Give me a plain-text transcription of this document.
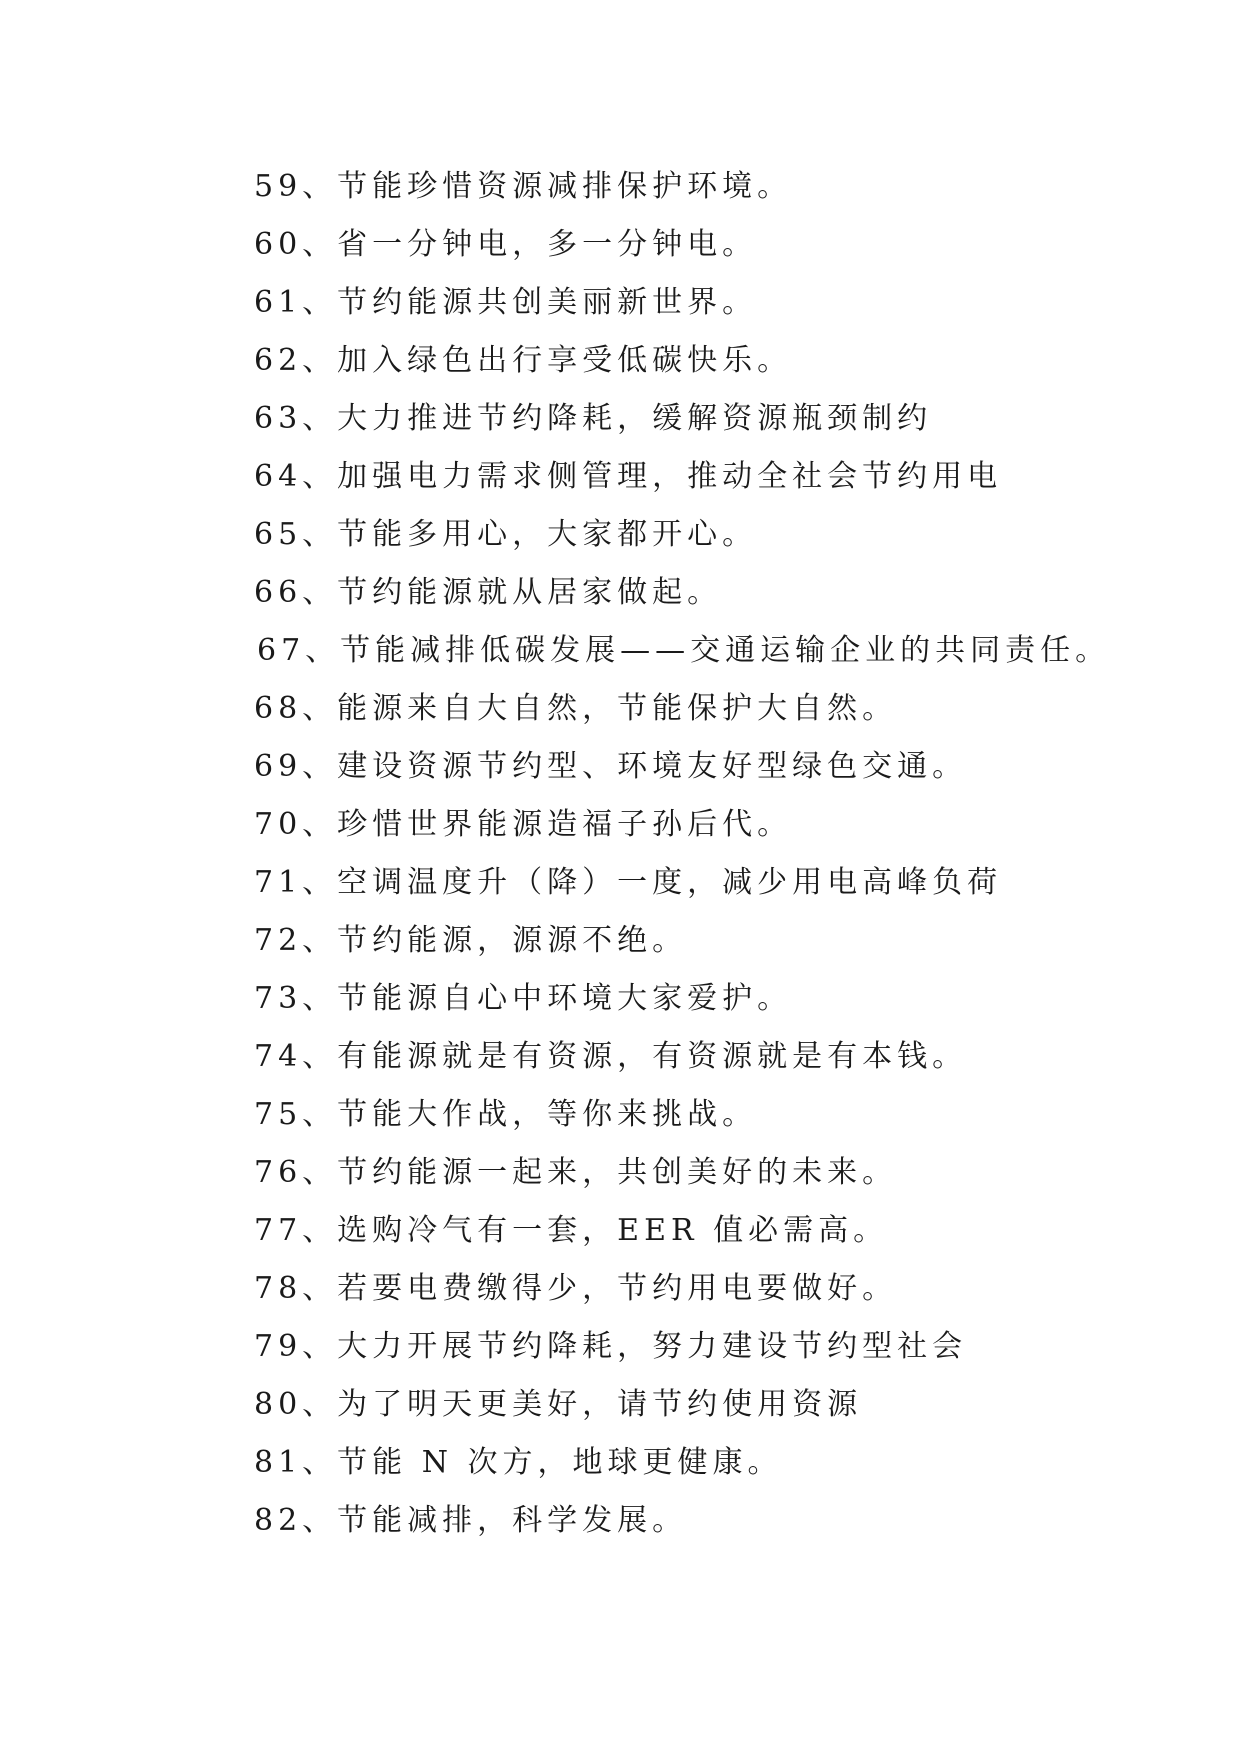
59、节能珍惜资源减排保护环境。
60、省一分钟电，多一分钟电。
61、节约能源共创美丽新世界。
62、加入绿色出行享受低碳快乐。
63、大力推进节约降耗，缓解资源瓶颈制约
64、加强电力需求侧管理，推动全社会节约用电
65、节能多用心，大家都开心。
66、节约能源就从居家做起。
67、节能减排低碳发展——交通运输企业的共同责任。
68、能源来自大自然，节能保护大自然。
69、建设资源节约型、环境友好型绿色交通。
70、珍惜世界能源造福子孙后代。
71、空调温度升（降）一度，减少用电高峰负荷
72、节约能源，源源不绝。
73、节能源自心中环境大家爱护。
74、有能源就是有资源，有资源就是有本钱。
75、节能大作战，等你来挑战。
76、节约能源一起来，共创美好的未来。
77、选购冷气有一套，EER 值必需高。
78、若要电费缴得少，节约用电要做好。
79、大力开展节约降耗，努力建设节约型社会
80、为了明天更美好，请节约使用资源
81、节能 N 次方，地球更健康。
82、节能减排，科学发展。
